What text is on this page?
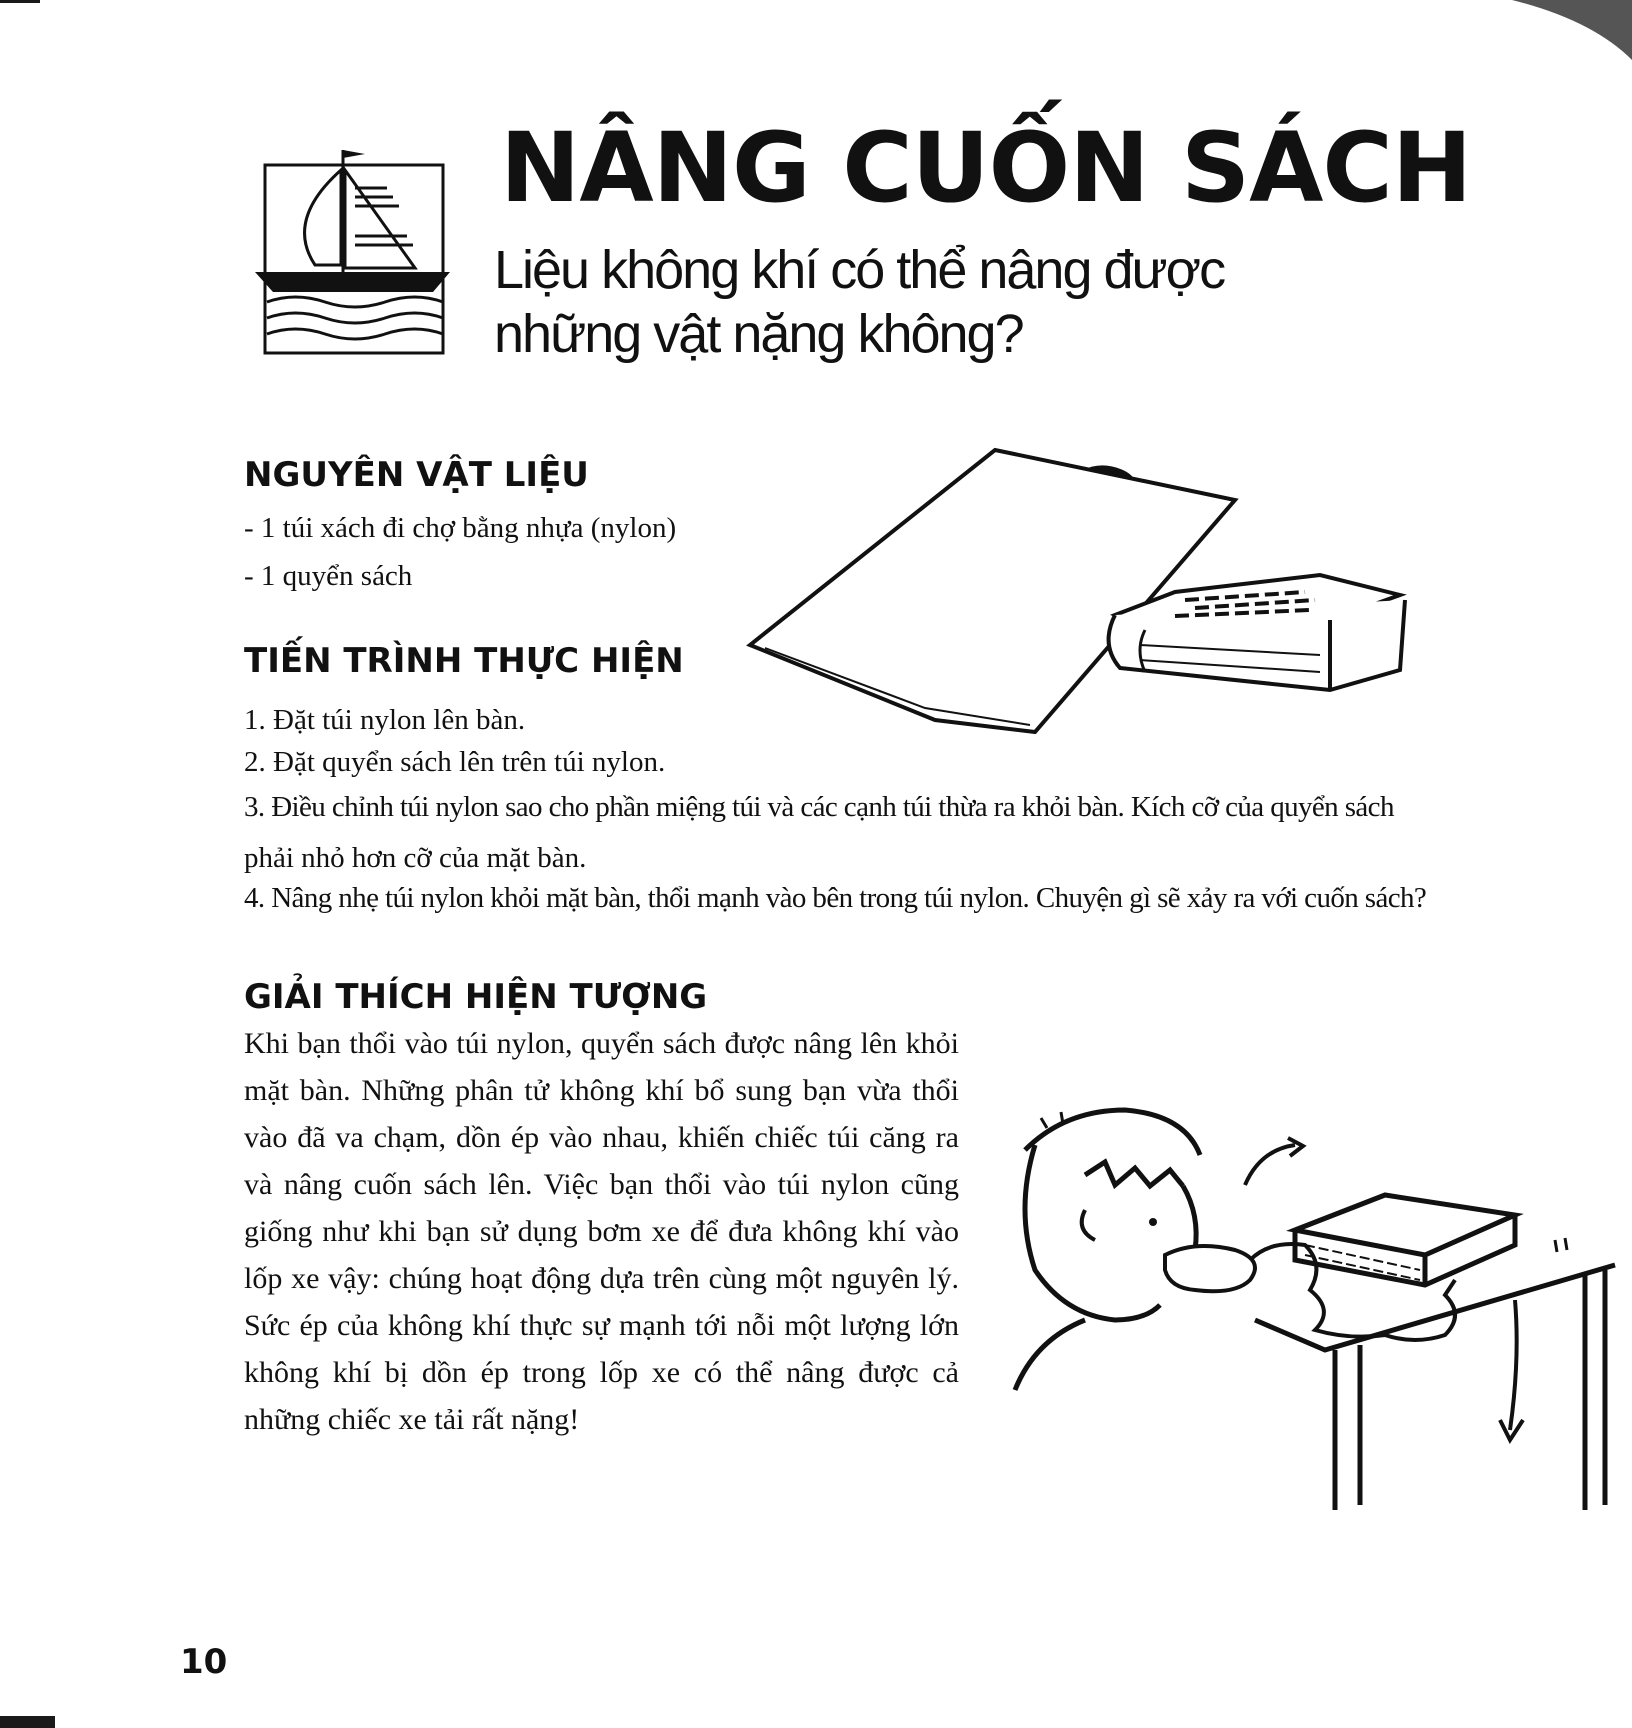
NÂNG CUỐN SÁCH
Liệu không khí có thể nâng được
những vật nặng không?
NGUYÊN VẬT LIỆU

- 1 túi xách đi chợ bằng nhựa (nylon)

- 1 quyển sách

TIẾN TRÌNH THỰC HIỆN

1. Đặt túi nylon lên bàn.

2. Đặt quyển sách lên trên túi nylon.

3. Điều chỉnh túi nylon sao cho phần miệng túi và các cạnh túi thừa ra khỏi bàn. Kích cỡ của quyển sách

phải nhỏ hơn cỡ của mặt bàn.

4. Nâng nhẹ túi nylon khỏi mặt bàn, thổi mạnh vào bên trong túi nylon. Chuyện gì sẽ xảy ra với cuốn sách?

GIẢI THÍCH HIỆN TƯỢNG

Khi bạn thổi vào túi nylon, quyển sách được nâng lên khỏi mặt bàn. Những phân tử không khí bổ sung bạn vừa thổi vào đã va chạm, dồn ép vào nhau, khiến chiếc túi căng ra và nâng cuốn sách lên. Việc bạn thổi vào túi nylon cũng giống như khi bạn sử dụng bơm xe để đưa không khí vào lốp xe vậy: chúng hoạt động dựa trên cùng một nguyên lý. Sức ép của không khí thực sự mạnh tới nỗi một lượng lớn không khí bị dồn ép trong lốp xe có thể nâng được cả những chiếc xe tải rất nặng!

10
